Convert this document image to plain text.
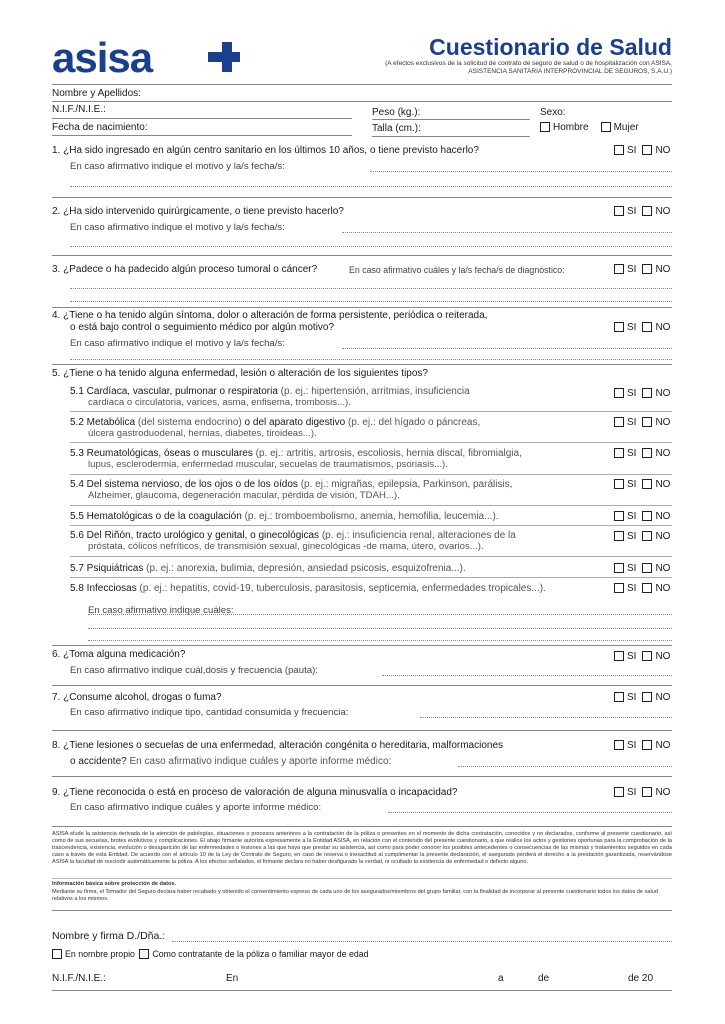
asisa	Cuestionario de Salud
(A efectos exclusivos de la solicitud de contrato de seguro de salud o de hospitalización con ASISA, ASISTENCIA SANITARIA INTERPROVINCIAL DE SEGUROS, S.A.U.)
Nombre y Apellidos:
N.I.F./N.I.E.:	Peso (kg.):	Sexo:
Fecha de nacimiento:	Talla (cm.):	Hombre	Mujer
1. ¿Ha sido ingresado en algún centro sanitario en los últimos 10 años, o tiene previsto hacerlo?	SI NO
En caso afirmativo indique el motivo y la/s fecha/s:
2. ¿Ha sido intervenido quirúrgicamente, o tiene previsto hacerlo?	SI NO
En caso afirmativo indique el motivo y la/s fecha/s:
3. ¿Padece o ha padecido algún proceso tumoral o cáncer?	En caso afirmativo cuáles y la/s fecha/s de diagnóstico:	SI NO
4. ¿Tiene o ha tenido algún síntoma, dolor o alteración de forma persistente, periódica o reiterada,
o está bajo control o seguimiento médico por algún motivo?	SI NO
En caso afirmativo indique el motivo y la/s fecha/s:
5. ¿Tiene o ha tenido alguna enfermedad, lesión o alteración de los siguientes tipos?
5.1 Cardíaca, vascular, pulmonar o respiratoria (p. ej.: hipertensión, arritmias, insuficiencia
cardiaca o circulatoria, varices, asma, enfisema, trombosis...).
SI NO
5.2 Metabólica (del sistema endocrino) o del aparato digestivo (p. ej.: del hígado o páncreas,
úlcera gastroduodenal, hernias, diabetes, tiroideas...).
SI NO
5.3 Reumatológicas, óseas o musculares (p. ej.: artritis, artrosis, escoliosis, hernia discal, fibromialgia,
lupus, esclerodermia, enfermedad muscular, secuelas de traumatismos, psoriasis...).
SI NO
5.4 Del sistema nervioso, de los ojos o de los oídos (p. ej.: migrañas, epilepsia, Parkinson, parálisis,
Alzheimer, glaucoma, degeneración macular, pérdida de visión, TDAH...).
SI NO
5.5 Hematológicas o de la coagulación (p. ej.: tromboembolismo, anemia, hemofilia, leucemia...).	SI NO
5.6 Del Riñón, tracto urológico y genital, o ginecológicas (p. ej.: insuficiencia renal, alteraciones de la
próstata, cólicos nefríticos, de transmisión sexual, ginecológicas -de mama, útero, ovarios...).
SI NO
5.7 Psiquiátricas (p. ej.: anorexia, bulimia, depresión, ansiedad psicosis, esquizofrenia...).	SI NO
5.8 Infecciosas (p. ej.: hepatitis, covid-19, tuberculosis, parasitosis, septicemia, enfermedades tropicales...).	SI NO
En caso afirmativo indique cuáles:
6. ¿Toma alguna medicación?	SI NO
En caso afirmativo indique cuál,dosis y frecuencia (pauta):
7. ¿Consume alcohol, drogas o fuma?	SI NO
En caso afirmativo indique tipo, cantidad consumida y frecuencia:
8. ¿Tiene lesiones o secuelas de una enfermedad, alteración congénita o hereditaria, malformaciones	SI NO
o accidente? En caso afirmativo indique cuáles y aporte informe médico:
9. ¿Tiene reconocida o está en proceso de valoración de alguna minusvalía o incapacidad?	SI NO
En caso afirmativo indique cuáles y aporte informe médico:
ASISA elude la asistencia derivada de la atención de patologías, situaciones o procesos anteriores a la contratación de la póliza o presentes en el momento de dicha contratación, conocidos y no declarados, conforme al presente cuestionario, así como de sus secuelas, brotes evolutivos y complicaciones. El abajo firmante autoriza expresamente a la Entidad ASISA, en relación con el contenido del presente cuestionario, a que realice los actos y gestiones oportunas para la comprobación de la trascendencia, existencia, evolución o desaparición de las enfermedades o lesiones a las que haya que prestar su asistencia, así como para poder conocer los posibles antecedentes o consecuencias de las mismas y tratamientos seguidos en cada caso a través de esta Entidad. De acuerdo con el artículo 10 de la Ley de Contrato de Seguro, en caso de reserva o inexactitud al cumplimentar la presente declaración, el asegurado perderá el derecho a la prestación garantizada, reservándose ASISA la facultad de rescindir automáticamente la póliza. A los efectos señalados, el firmante declara no haber desfigurado la verdad, ni ocultado la existencia de enfermedad o defecto alguno.
Información básica sobre protección de datos.
Mediante su firma, el Tomador del Seguro declara haber recabado y obtenido el consentimiento expreso de cada uno de los asegurados/miembros del grupo familiar, con la finalidad de incorporar al presente cuestionario todos los datos de salud relativos a los mismos.
Nombre y firma D./Dña.:
En nombre propio Como contratante de la póliza o familiar mayor de edad
N.I.F./N.I.E.:	En	a	de	de 20
